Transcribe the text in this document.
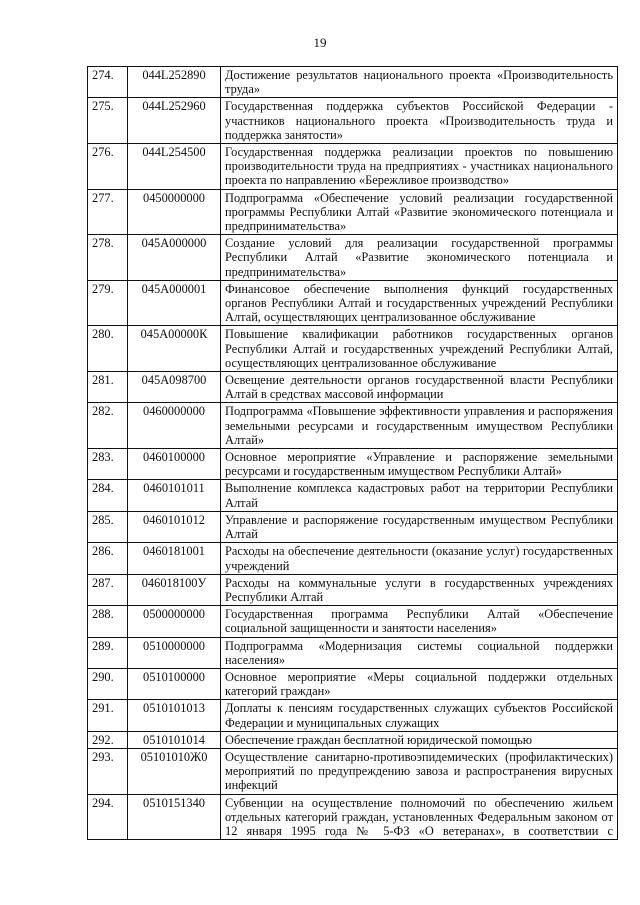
19
274.	044L252890	Достижение результатов национального проекта «Производительность труда»
275.	044L252960	Государственная поддержка субъектов Российской Федерации - участников национального проекта «Производительность труда и поддержка занятости»
276.	044L254500	Государственная поддержка реализации проектов по повышению производительности труда на предприятиях - участниках национального проекта по направлению «Бережливое производство»
277.	0450000000	Подпрограмма «Обеспечение условий реализации государственной программы Республики Алтай «Развитие экономического потенциала и предпринимательства»
278.	045А000000	Создание условий для реализации государственной программы Республики Алтай «Развитие экономического потенциала и предпринимательства»
279.	045А000001	Финансовое обеспечение выполнения функций государственных органов Республики Алтай и государственных учреждений Республики Алтай, осуществляющих централизованное обслуживание
280.	045А00000К	Повышение квалификации работников государственных органов Республики Алтай и государственных учреждений Республики Алтай, осуществляющих централизованное обслуживание
281.	045А098700	Освещение деятельности органов государственной власти Республики Алтай в средствах массовой информации
282.	0460000000	Подпрограмма «Повышение эффективности управления и распоряжения земельными ресурсами и государственным имуществом Республики Алтай»
283.	0460100000	Основное мероприятие «Управление и распоряжение земельными ресурсами и государственным имуществом Республики Алтай»
284.	0460101011	Выполнение комплекса кадастровых работ на территории Республики Алтай
285.	0460101012	Управление и распоряжение государственным имуществом Республики Алтай
286.	0460181001	Расходы на обеспечение деятельности (оказание услуг) государственных учреждений
287.	046018100У	Расходы на коммунальные услуги в государственных учреждениях Республики Алтай
288.	0500000000	Государственная программа Республики Алтай «Обеспечение социальной защищенности и занятости населения»
289.	0510000000	Подпрограмма «Модернизация системы социальной поддержки населения»
290.	0510100000	Основное мероприятие «Меры социальной поддержки отдельных категорий граждан»
291.	0510101013	Доплаты к пенсиям государственных служащих субъектов Российской Федерации и муниципальных служащих
292.	0510101014	Обеспечение граждан бесплатной юридической помощью
293.	05101010Ж0	Осуществление санитарно-противоэпидемических (профилактических) мероприятий по предупреждению завоза и распространения вирусных инфекций
294.	0510151340	Субвенции на осуществление полномочий по обеспечению жильем отдельных категорий граждан, установленных Федеральным законом от 12 января 1995 года № 5-ФЗ «О ветеранах», в соответствии с
